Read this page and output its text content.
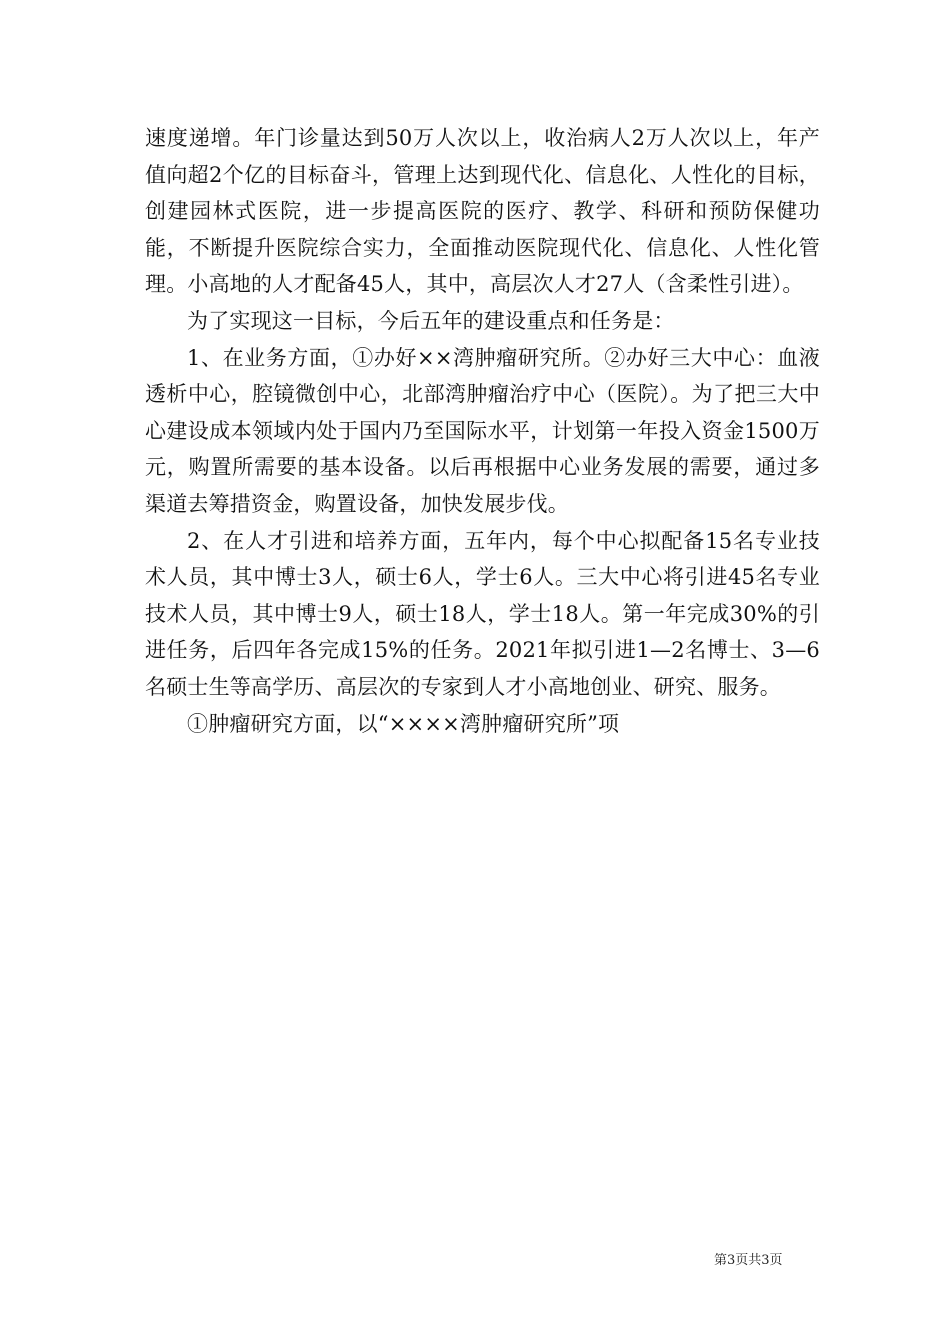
速度递增。年门诊量达到50万人次以上，收治病人2万人次以上，年产值向超2个亿的目标奋斗，管理上达到现代化、信息化、人性化的目标，创建园林式医院，进一步提高医院的医疗、教学、科研和预防保健功能，不断提升医院综合实力，全面推动医院现代化、信息化、人性化管理。小高地的人才配备45人，其中，高层次人才27人（含柔性引进）。

为了实现这一目标，今后五年的建设重点和任务是：

1、在业务方面，①办好××湾肿瘤研究所。②办好三大中心：血液透析中心，腔镜微创中心，北部湾肿瘤治疗中心（医院）。为了把三大中心建设成本领域内处于国内乃至国际水平，计划第一年投入资金1500万元，购置所需要的基本设备。以后再根据中心业务发展的需要，通过多渠道去筹措资金，购置设备，加快发展步伐。

2、在人才引进和培养方面，五年内，每个中心拟配备15名专业技术人员，其中博士3人，硕士6人，学士6人。三大中心将引进45名专业技术人员，其中博士9人，硕士18人，学士18人。第一年完成30%的引进任务，后四年各完成15%的任务。2021年拟引进1—2名博士、3—6名硕士生等高学历、高层次的专家到人才小高地创业、研究、服务。

①肿瘤研究方面，以“××××湾肿瘤研究所”项

第3页共3页
